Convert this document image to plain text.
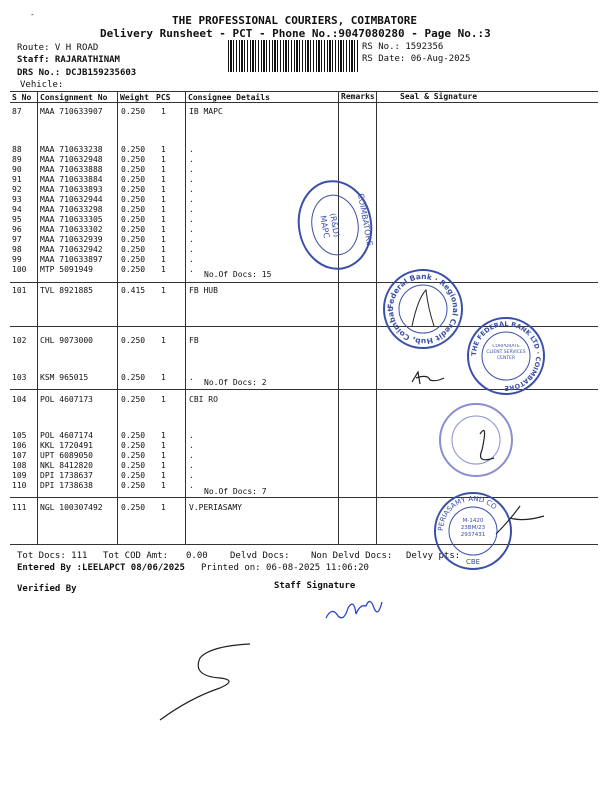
-	THE PROFESSIONAL COURIERS, COIMBATORE
Delivery Runsheet - PCT - Phone No.:9047080280 - Page No.:3
Route: V H ROAD
Staff: RAJARATHINAM
DRS No.: DCJB159235603
Vehicle:
RS No.: 1592356
RS Date: 06-Aug-2025
S No Consignment No Weight PCS Consignee Details	Remarks	Seal & Signature
87 MAA 710633907 0.250 1	IB MAPC
88 MAA 710633238 0.250 1	.
89 MAA 710632948 0.250 1	.
90 MAA 710633888 0.250 1	.
91 MAA 710633884 0.250 1	.
92 MAA 710633893 0.250 1	.
93 MAA 710632944 0.250 1	.
94 MAA 710633298 0.250 1	.
95 MAA 710633305 0.250 1	.
96 MAA 710633302 0.250 1	.
97 MAA 710632939 0.250 1	.
98 MAA 710632942 0.250 1	.
99 MAA 710633897 0.250 1	.
100 MTP 5091949	0.250 1	.
101 TVL 8921885	0.415 1	FB HUB
102 CHL 9073000	0.250 1	FB
103 KSM 965015	0.250 1	.
104 POL 4607173	0.250 1	CBI RO
105 POL 4607174	0.250 1	.
106 KKL 1720491	0.250 1	.
107 UPT 6089050	0.250 1	.
108 NKL 8412820	0.250 1	.
109 DPI 1738637	0.250 1	.
110 DPI 1738638	0.250 1	.
111 NGL 100307492 0.250 1	V.PERIASAMY
No.Of Docs: 15
No.Of Docs: 2
No.Of Docs: 7
Tot Docs: 111 Tot COD Amt: 0.00 Delvd Docs: Non Delvd Docs: Delvy pts:
Entered By :LEELAPCT 08/06/2025 Printed on: 06-08-2025 11:06:20
Verified By	Staff Signature
COIMBATORE
(R&D)
MAPC
Federal Bank · Regional Credit Hub, Coimbatore
THE FEDERAL BANK LTD · COIMBATORE
CORPORATE CLIENT SERVICES CENTER
PERIASAMY AND CO
M-1420 23BM/23 2937431
CBE
